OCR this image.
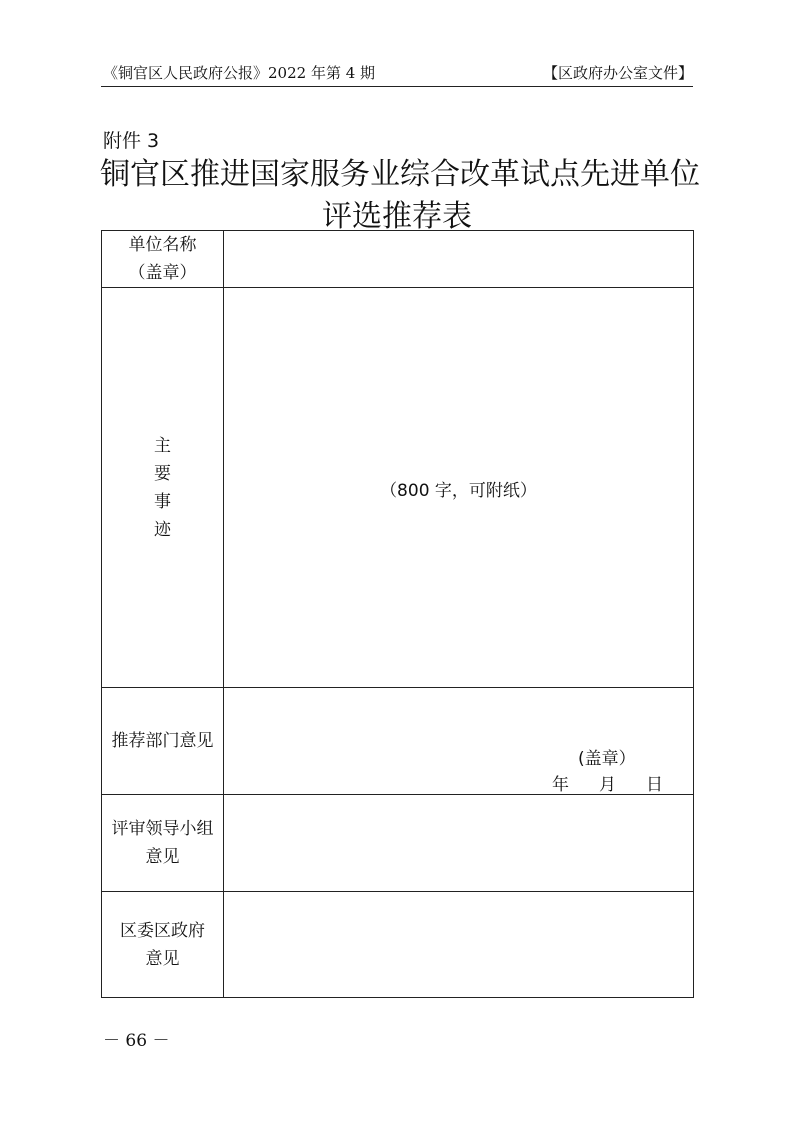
《铜官区人民政府公报》2022 年第 4 期	【区政府办公室文件】
附件 3
铜官区推进国家服务业综合改革试点先进单位
评选推荐表
单位名称
（盖章）	

主
要
事
迹	（800 字，可附纸）

推荐部门意见	(盖章）
年 月 日

评审领导小组
意见	

区委区政府
意见	

－ 66 －
